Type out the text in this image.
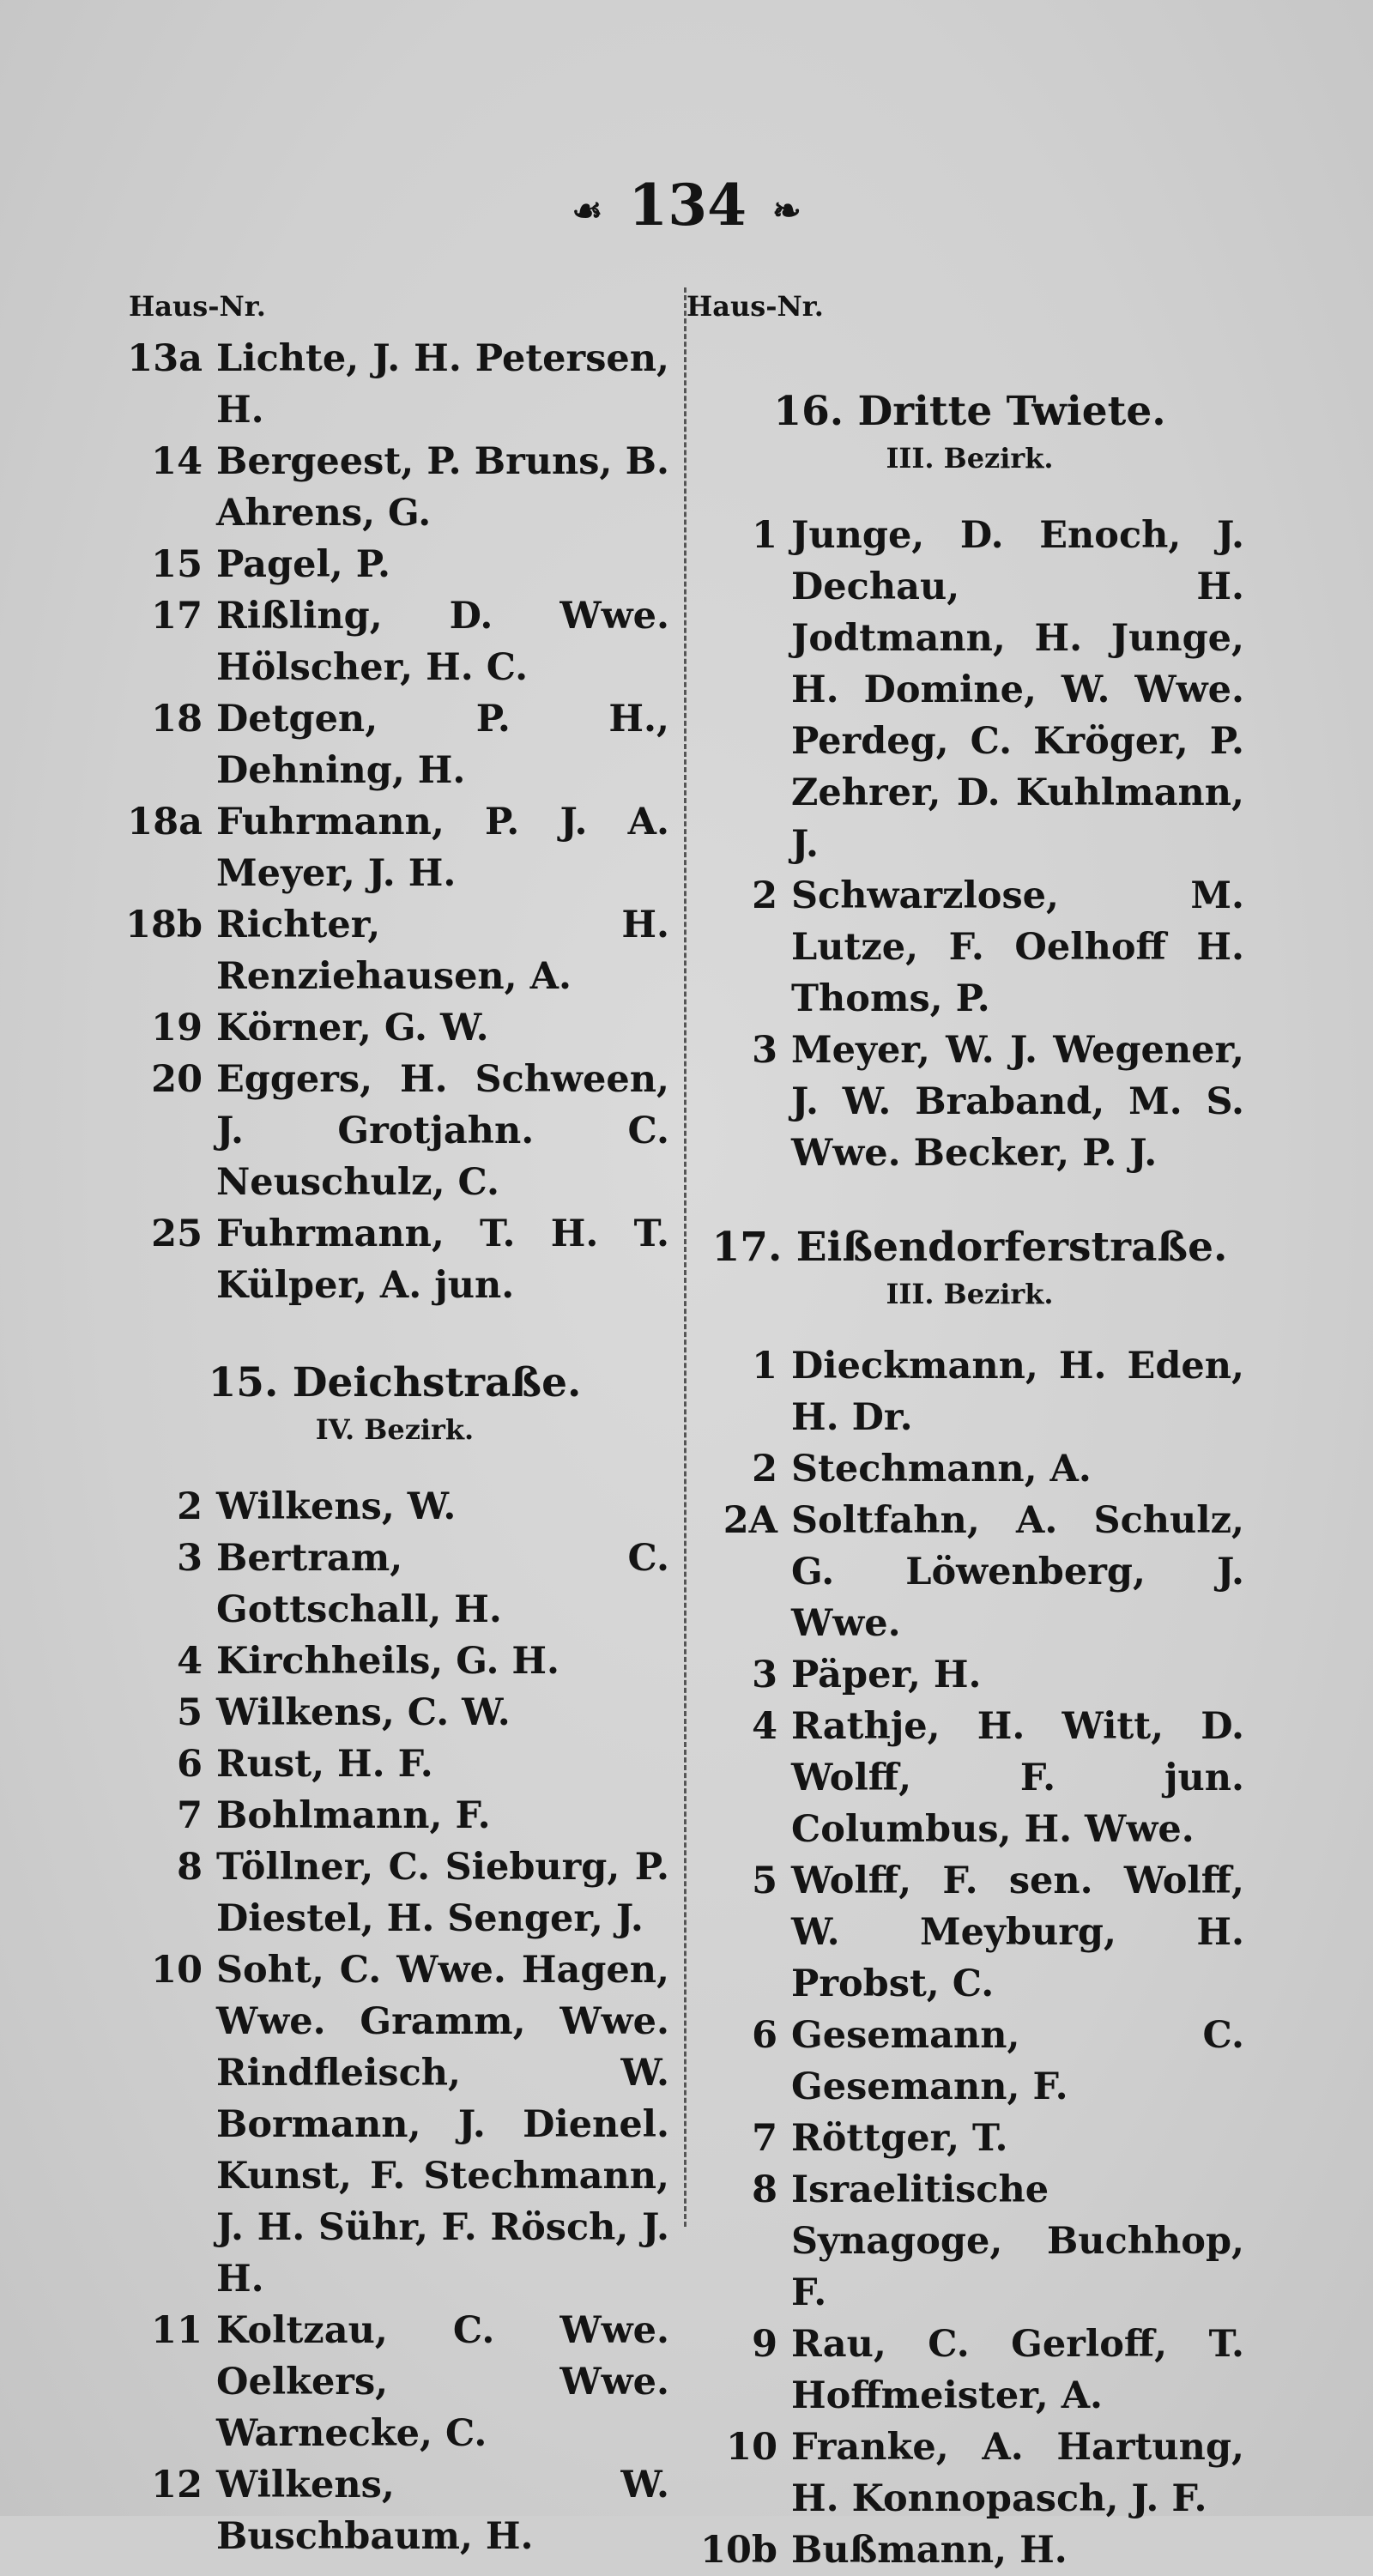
☙ 134 ❧
Haus-Nr.	Haus-Nr.
13a Lichte, J. H. Petersen, H.
14 Bergeest, P. Bruns, B. Ahrens, G.
15 Pagel, P.
17 Rißling, D. Wwe. Hölscher, H. C.
18 Detgen, P. H., Dehning, H.
18a Fuhrmann, P. J. A. Meyer, J. H.
18b Richter, H. Renziehausen, A.
19 Körner, G. W.
20 Eggers, H. Schween, J. Grotjahn. C. Neuschulz, C.
25 Fuhrmann, T. H. T. Külper, A. jun.
15. Deichstraße.
IV. Bezirk.
2 Wilkens, W.
3 Bertram, C. Gottschall, H.
4 Kirchheils, G. H.
5 Wilkens, C. W.
6 Rust, H. F.
7 Bohlmann, F.
8 Töllner, C. Sieburg, P. Diestel, H. Senger, J.
10 Soht, C. Wwe. Hagen, Wwe. Gramm, Wwe. Rindfleisch, W. Bormann, J. Dienel. Kunst, F. Stechmann, J. H. Sühr, F. Rösch, J. H.
11 Koltzau, C. Wwe. Oelkers, Wwe. Warnecke, C.
12 Wilkens, W. Buschbaum, H.
16. Dritte Twiete.
III. Bezirk.
1 Junge, D. Enoch, J. Dechau, H. Jodtmann, H. Junge, H. Domine, W. Wwe. Perdeg, C. Kröger, P. Zehrer, D. Kuhlmann, J.
2 Schwarzlose, M. Lutze, F. Oelhoff H. Thoms, P.
3 Meyer, W. J. Wegener, J. W. Braband, M. S. Wwe. Becker, P. J.
17. Eißendorferstraße.
III. Bezirk.
1 Dieckmann, H. Eden, H. Dr.
2 Stechmann, A.
2A Soltfahn, A. Schulz, G. Löwenberg, J. Wwe.
3 Päper, H.
4 Rathje, H. Witt, D. Wolff, F. jun. Columbus, H. Wwe.
5 Wolff, F. sen. Wolff, W. Meyburg, H. Probst, C.
6 Gesemann, C. Gesemann, F.
7 Röttger, T.
8 Israelitische Synagoge, Buchhop, F.
9 Rau, C. Gerloff, T. Hoffmeister, A.
10 Franke, A. Hartung, H. Konnopasch, J. F.
10b Bußmann, H.
